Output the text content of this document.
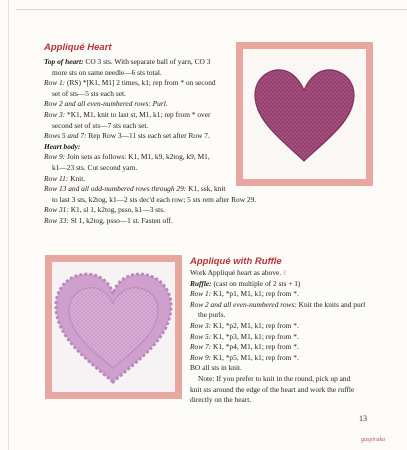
Appliqué Heart

Top of heart: CO 3 sts. With separate ball of yarn, CO 3

more sts on same needle—6 sts total.

Row 1: (RS) *[K1, M1] 2 times, k1; rep from * on second

set of sts—5 sts each set.

Row 2 and all even-numbered rows: Purl.

Row 3: *K1, M1, knit to last st, M1, k1; rep from * over

second set of sts—7 sts each set.

Rows 5 and 7: Rep Row 3—11 sts each set after Row 7.

Heart body:

Row 9: Join sets as follows: K1, M1, k9, k2tog, k9, M1,

k1—23 sts. Cut second yarn.

Row 11: Knit.

Row 13 and all odd-numbered rows through 29: K1, ssk, knit

to last 3 sts, k2tog, k1—2 sts dec'd each row; 5 sts rem after Row 29.

Row 31: K1, sl 1, k2tog, psso, k1—3 sts.

Row 33: Sl 1, k2tog, psso—1 st. Fasten off.

Appliqué with Ruffle

Work Appliqué heart as above. ℓ

Ruffle: (cast on multiple of 2 sts + 1)

Row 1: K1, *p1, M1, k1; rep from *.

Row 2 and all even-numbered rows: Knit the knits and purl

the purls.

Row 3: K1, *p2, M1, k1; rep from *.

Row 5: K1, *p3, M1, k1; rep from *.

Row 7: K1, *p4, M1, k1; rep from *.

Row 9: K1, *p5, M1, k1; rep from *.

BO all sts in knit.

Note: If you prefer to knit in the round, pick up and

knit sts around the edge of the heart and work the ruffle

directly on the heart.

13
gaspiraka
